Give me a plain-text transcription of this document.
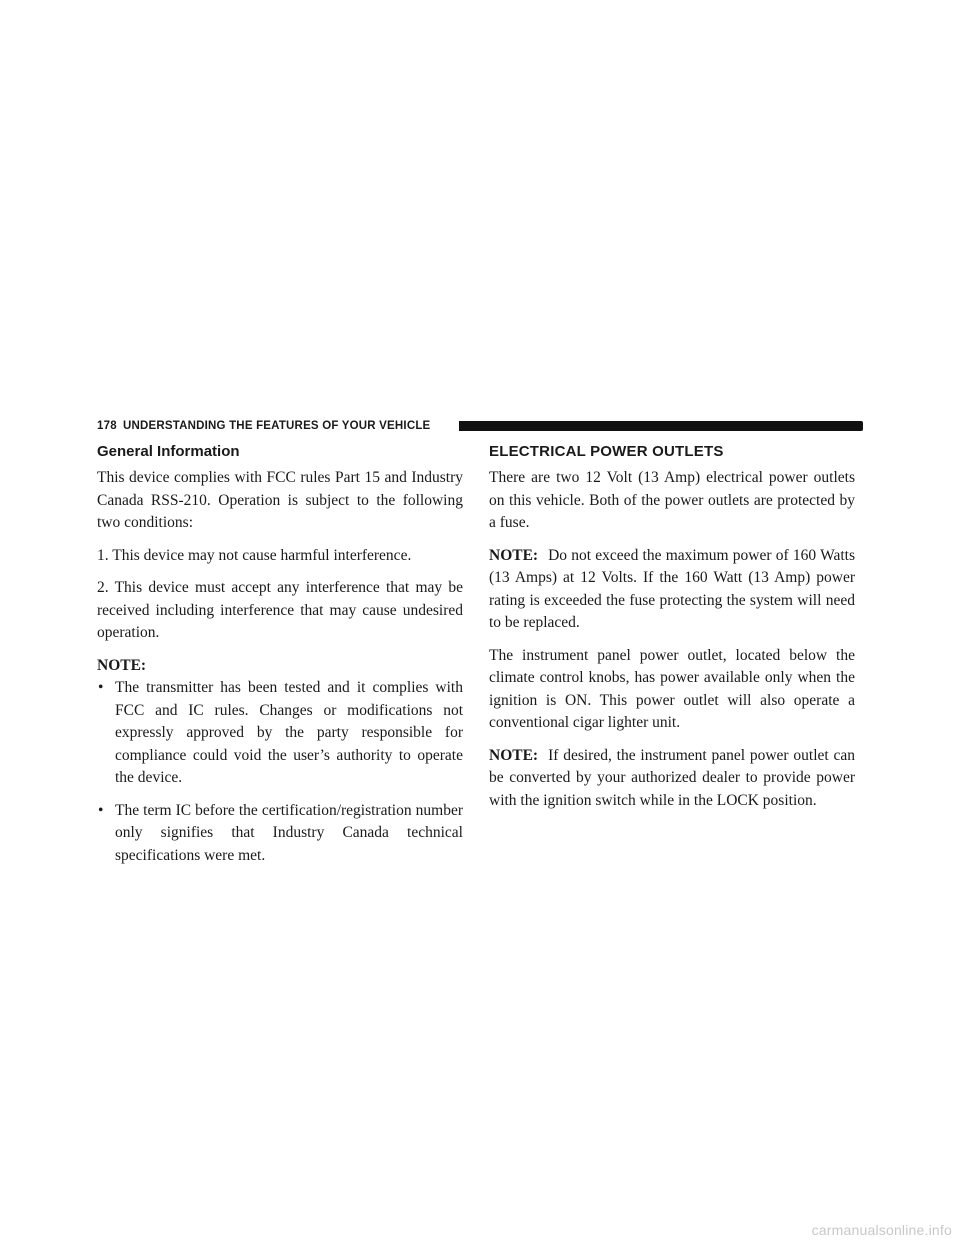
178 UNDERSTANDING THE FEATURES OF YOUR VEHICLE
General Information

This device complies with FCC rules Part 15 and Industry Canada RSS-210. Operation is subject to the following two conditions:

1. This device may not cause harmful interference.

2. This device must accept any interference that may be received including interference that may cause undesired operation.

NOTE:
• The transmitter has been tested and it complies with FCC and IC rules. Changes or modifications not expressly approved by the party responsible for compliance could void the user’s authority to operate the device.
• The term IC before the certification/registration number only signifies that Industry Canada technical specifications were met.
ELECTRICAL POWER OUTLETS

There are two 12 Volt (13 Amp) electrical power outlets on this vehicle. Both of the power outlets are protected by a fuse.

NOTE: Do not exceed the maximum power of 160 Watts (13 Amps) at 12 Volts. If the 160 Watt (13 Amp) power rating is exceeded the fuse protecting the system will need to be replaced.

The instrument panel power outlet, located below the climate control knobs, has power available only when the ignition is ON. This power outlet will also operate a conventional cigar lighter unit.

NOTE: If desired, the instrument panel power outlet can be converted by your authorized dealer to provide power with the ignition switch while in the LOCK position.

carmanualsonline.info
